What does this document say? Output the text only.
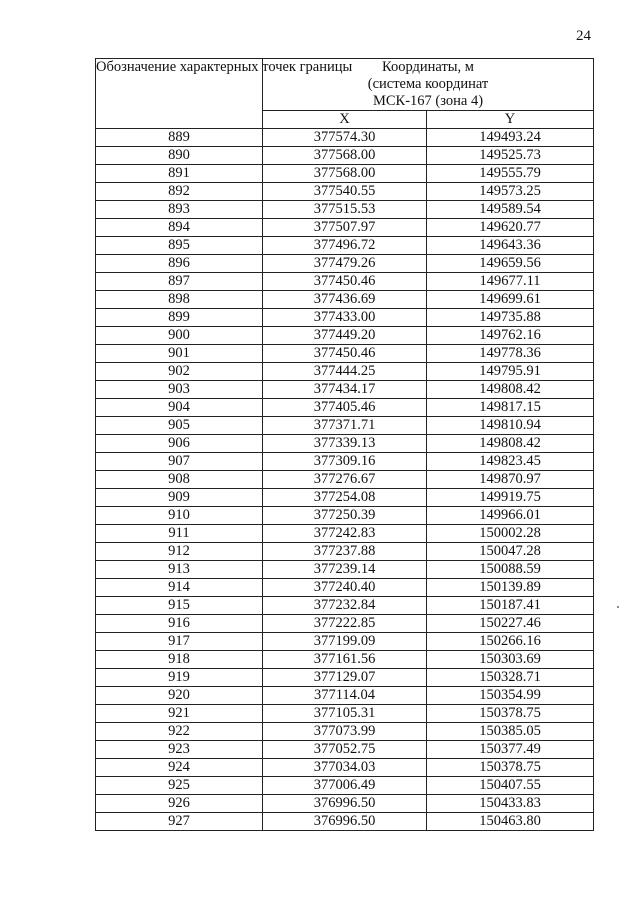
24
Обозначение характерных точек границы	Координаты, м
(система координат
МСК-167 (зона 4)	

	X	Y
889	377574.30	149493.24
890	377568.00	149525.73
891	377568.00	149555.79
892	377540.55	149573.25
893	377515.53	149589.54
894	377507.97	149620.77
895	377496.72	149643.36
896	377479.26	149659.56
897	377450.46	149677.11
898	377436.69	149699.61
899	377433.00	149735.88
900	377449.20	149762.16
901	377450.46	149778.36
902	377444.25	149795.91
903	377434.17	149808.42
904	377405.46	149817.15
905	377371.71	149810.94
906	377339.13	149808.42
907	377309.16	149823.45
908	377276.67	149870.97
909	377254.08	149919.75
910	377250.39	149966.01
911	377242.83	150002.28
912	377237.88	150047.28
913	377239.14	150088.59
914	377240.40	150139.89
915	377232.84	150187.41
916	377222.85	150227.46
917	377199.09	150266.16
918	377161.56	150303.69
919	377129.07	150328.71
920	377114.04	150354.99
921	377105.31	150378.75
922	377073.99	150385.05
923	377052.75	150377.49
924	377034.03	150378.75
925	377006.49	150407.55
926	376996.50	150433.83
927	376996.50	150463.80
